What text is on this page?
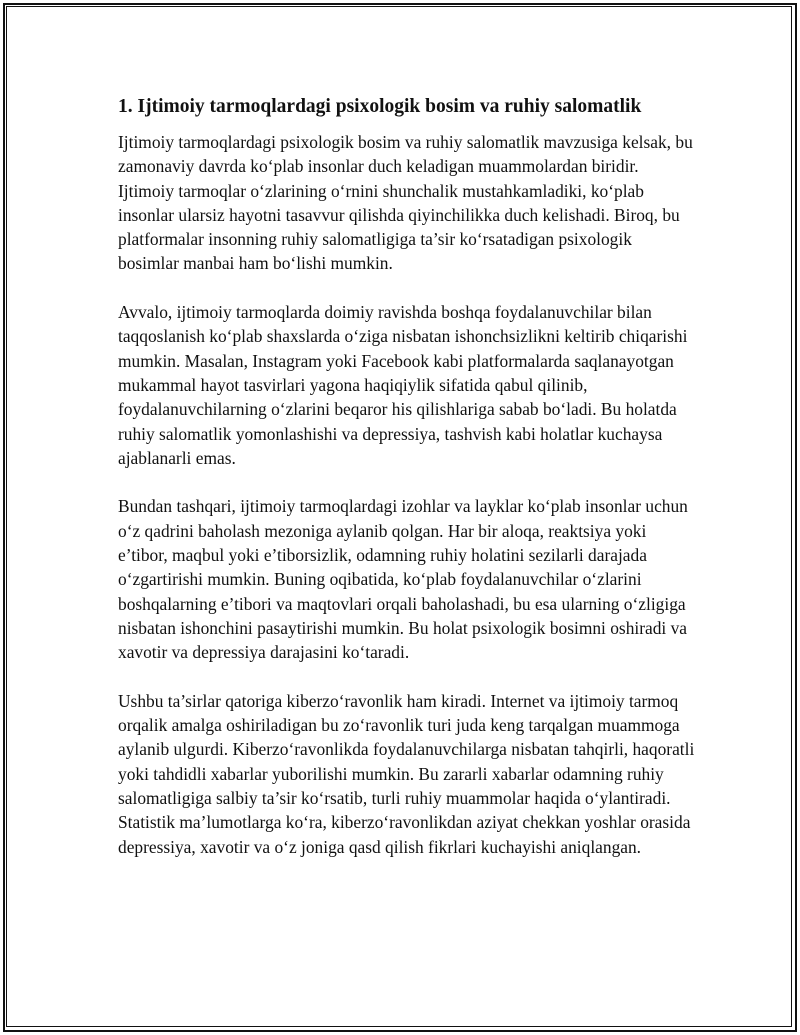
1. Ijtimoiy tarmoqlardagi psixologik bosim va ruhiy salomatlik

Ijtimoiy tarmoqlardagi psixologik bosim va ruhiy salomatlik mavzusiga kelsak, bu zamonaviy davrda ko‘plab insonlar duch keladigan muammolardan biridir. Ijtimoiy tarmoqlar o‘zlarining o‘rnini shunchalik mustahkamladiki, ko‘plab insonlar ularsiz hayotni tasavvur qilishda qiyinchilikka duch kelishadi. Biroq, bu platformalar insonning ruhiy salomatligiga ta’sir ko‘rsatadigan psixologik bosimlar manbai ham bo‘lishi mumkin.

Avvalo, ijtimoiy tarmoqlarda doimiy ravishda boshqa foydalanuvchilar bilan taqqoslanish ko‘plab shaxslarda o‘ziga nisbatan ishonchsizlikni keltirib chiqarishi mumkin. Masalan, Instagram yoki Facebook kabi platformalarda saqlanayotgan mukammal hayot tasvirlari yagona haqiqiylik sifatida qabul qilinib, foydalanuvchilarning o‘zlarini beqaror his qilishlariga sabab bo‘ladi. Bu holatda ruhiy salomatlik yomonlashishi va depressiya, tashvish kabi holatlar kuchaysa ajablanarli emas.

Bundan tashqari, ijtimoiy tarmoqlardagi izohlar va layklar ko‘plab insonlar uchun o‘z qadrini baholash mezoniga aylanib qolgan. Har bir aloqa, reaktsiya yoki e’tibor, maqbul yoki e’tiborsizlik, odamning ruhiy holatini sezilarli darajada o‘zgartirishi mumkin. Buning oqibatida, ko‘plab foydalanuvchilar o‘zlarini boshqalarning e’tibori va maqtovlari orqali baholashadi, bu esa ularning o‘zligiga nisbatan ishonchini pasaytirishi mumkin. Bu holat psixologik bosimni oshiradi va xavotir va depressiya darajasini ko‘taradi.

Ushbu ta’sirlar qatoriga kiberzo‘ravonlik ham kiradi. Internet va ijtimoiy tarmoq orqalik amalga oshiriladigan bu zo‘ravonlik turi juda keng tarqalgan muammoga aylanib ulgurdi. Kiberzo‘ravonlikda foydalanuvchilarga nisbatan tahqirli, haqoratli yoki tahdidli xabarlar yuborilishi mumkin. Bu zararli xabarlar odamning ruhiy salomatligiga salbiy ta’sir ko‘rsatib, turli ruhiy muammolar haqida o‘ylantiradi. Statistik ma’lumotlarga ko‘ra, kiberzo‘ravonlikdan aziyat chekkan yoshlar orasida depressiya, xavotir va o‘z joniga qasd qilish fikrlari kuchayishi aniqlangan.
